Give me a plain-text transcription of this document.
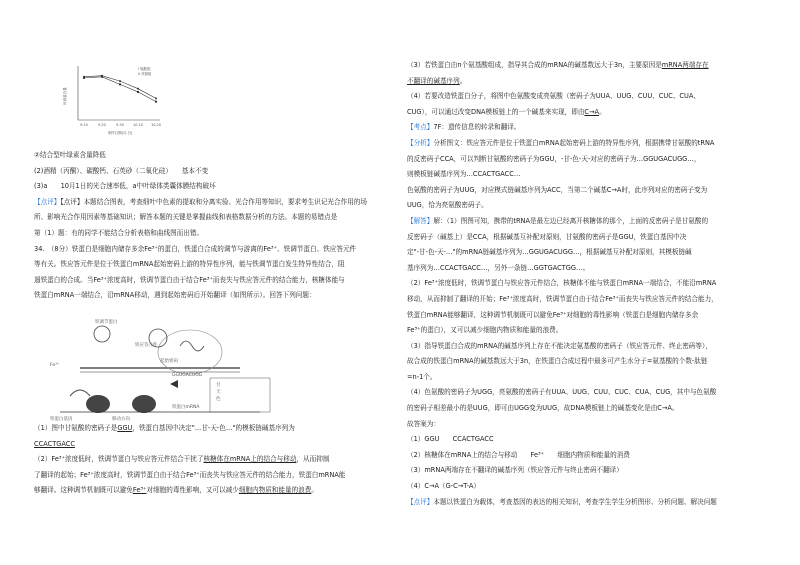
9.10	9.20	9.30	10.10 10.20
i 施肥组
ii 对照组
采样日期(月.日)
叶绿素含量
②结合型叶绿素含量降低
(2)酒精（丙酮）、碳酸钙、石英砂（二氧化硅）　　基本不变
(3)a　　10月1日的光合速率低，a中叶绿体类囊体膜结构破坏
【点评】【点评】本题结合图表，考查细叶中色素的提取和分离实验、光合作用等知识，要求考生识记光合作用的场
所、影响光合作用因素等基础知识；解答本题的关键是掌握曲线和表格数据分析的方法。本题的易错点是
第（1）题：有的同学不能结合分析表格和曲线图而出错。
34.　（8分）铁蛋白是细胞内储存多余Fe³⁺的蛋白，铁蛋白合成的调节与游离的Fe³⁺、铁调节蛋白、铁应答元件
等有关。铁应答元件是位于铁蛋白mRNA起始密码上游的特异性序列，能与铁调节蛋白发生特异性结合，阻
遏铁蛋白的合成。当Fe³⁺浓度高时，铁调节蛋白由于结合Fe³⁺而丧失与铁应答元件的结合能力，核糖体能与
铁蛋白mRNA一端结合，沿mRNA移动，遇到起始密码后开始翻译（如图所示）。回答下列问题：
（1）图中甘氨酸的密码子是GGU，铁蛋白基因中决定"…甘-天-色…"的模板链碱基序列为
CCACTGACC
（2）Fe³⁺浓度低时，铁调节蛋白与铁应答元件结合干扰了核糖体在mRNA上的结合与移动，从而抑制
了翻译的起始；Fe³⁺浓度高时，铁调节蛋白由于结合Fe³⁺而丧失与铁应答元件的结合能力，铁蛋白mRNA能
够翻译。这种调节机制既可以避免Fe³⁺对细胞的毒性影响，又可以减少细胞内物质和能量的浪费。
铁调节蛋白
铁应答元件
甘
天
色
GGUGACUGG
起始密码
铁蛋白mRNA
铁蛋白基因
Fe³⁺
移动方向
（3）若铁蛋白由n个氨基酸组成，指导其合成的mRNA的碱基数远大于3n，主要原因是mRNA两端存在
不翻译的碱基序列。
（4）若要改造铁蛋白分子，将图中色氨酸变成亮氨酸（密码子为UUA、UUG、CUU、CUC、CUA、
CUG），可以通过改变DNA模板链上的一个碱基来实现，即由C→A。
【考点】7F：遗传信息的转录和翻译。
【分析】分析图文：铁应答元件是位于铁蛋白mRNA起始密码上游的特异性序列，根据携带甘氨酸的tRNA
的反密码子CCA，可以判断甘氨酸的密码子为GGU，-甘-色-天-对应的密码子为…GGUGACUGG…，
则模板链碱基序列为…CCACTGACC…
色氨酸的密码子为UUG，对应模式链碱基序列为ACC，当第二个碱基C→A时，此序列对应的密码子变为
UUG，恰为亮氨酸密码子。
【解答】解：（1）图图可知，携带的tRNA是最左边已经离开核糖体的那个，上面的反密码子是甘氨酸的
反密码子（碱基上）是CCA，根据碱基互补配对原则，甘氨酸的密码子是GGU，铁蛋白基因中决
定"-甘-色-天-…"的mRNA链碱基序列为…GGUGACUGG…，根据碱基互补配对原则，其模板链碱
基序列为…CCACTGACC…，另外一条链…GGTGACTGG…。
（2）Fe³⁺浓度低时，铁调节蛋白与铁应答元件结合，核糖体不能与铁蛋白mRNA一端结合，不能沿mRNA
移动，从而抑制了翻译的开始；Fe³⁺浓度高时，铁调节蛋白由于结合Fe³⁺而丧失与铁应答元件的结合能力，
铁蛋白mRNA能够翻译，这种调节机制既可以避免Fe³⁺对细胞的毒性影响（铁蛋白是细胞内储存多余
Fe³⁺的蛋白），又可以减少细胞内物质和能量的浪费。
（3）指导铁蛋白合成的mRNA的碱基序列上存在不能决定氨基酸的密码子（铁应答元件、终止密码等），
故合成的铁蛋白mRNA的碱基数远大于3n，在铁蛋白合成过程中最多可产生水分子=氨基酸的个数-肽链
=n-1个。
（4）色氨酸的密码子为UGG，亮氨酸的密码子有UUA、UUG、CUU、CUC、CUA、CUG，其中与色氨酸
的密码子相差最小的是UUG，即可由UGG变为UUG，故DNA模板链上的碱基变化是由C→A。
故答案为：
（1）GGU　　CCACTGACC
（2）核糖体在mRNA上的结合与移动　　Fe³⁺　　细胞内物质和能量的消费
（3）mRNA两端存在不翻译的碱基序列（铁应答元件与终止密码不翻译）
（4）C→A（G-C→T-A）
【点评】本题以铁蛋白为载体，考查基因的表达的相关知识，考查学生学生分析图形、分析问题、解决问题
